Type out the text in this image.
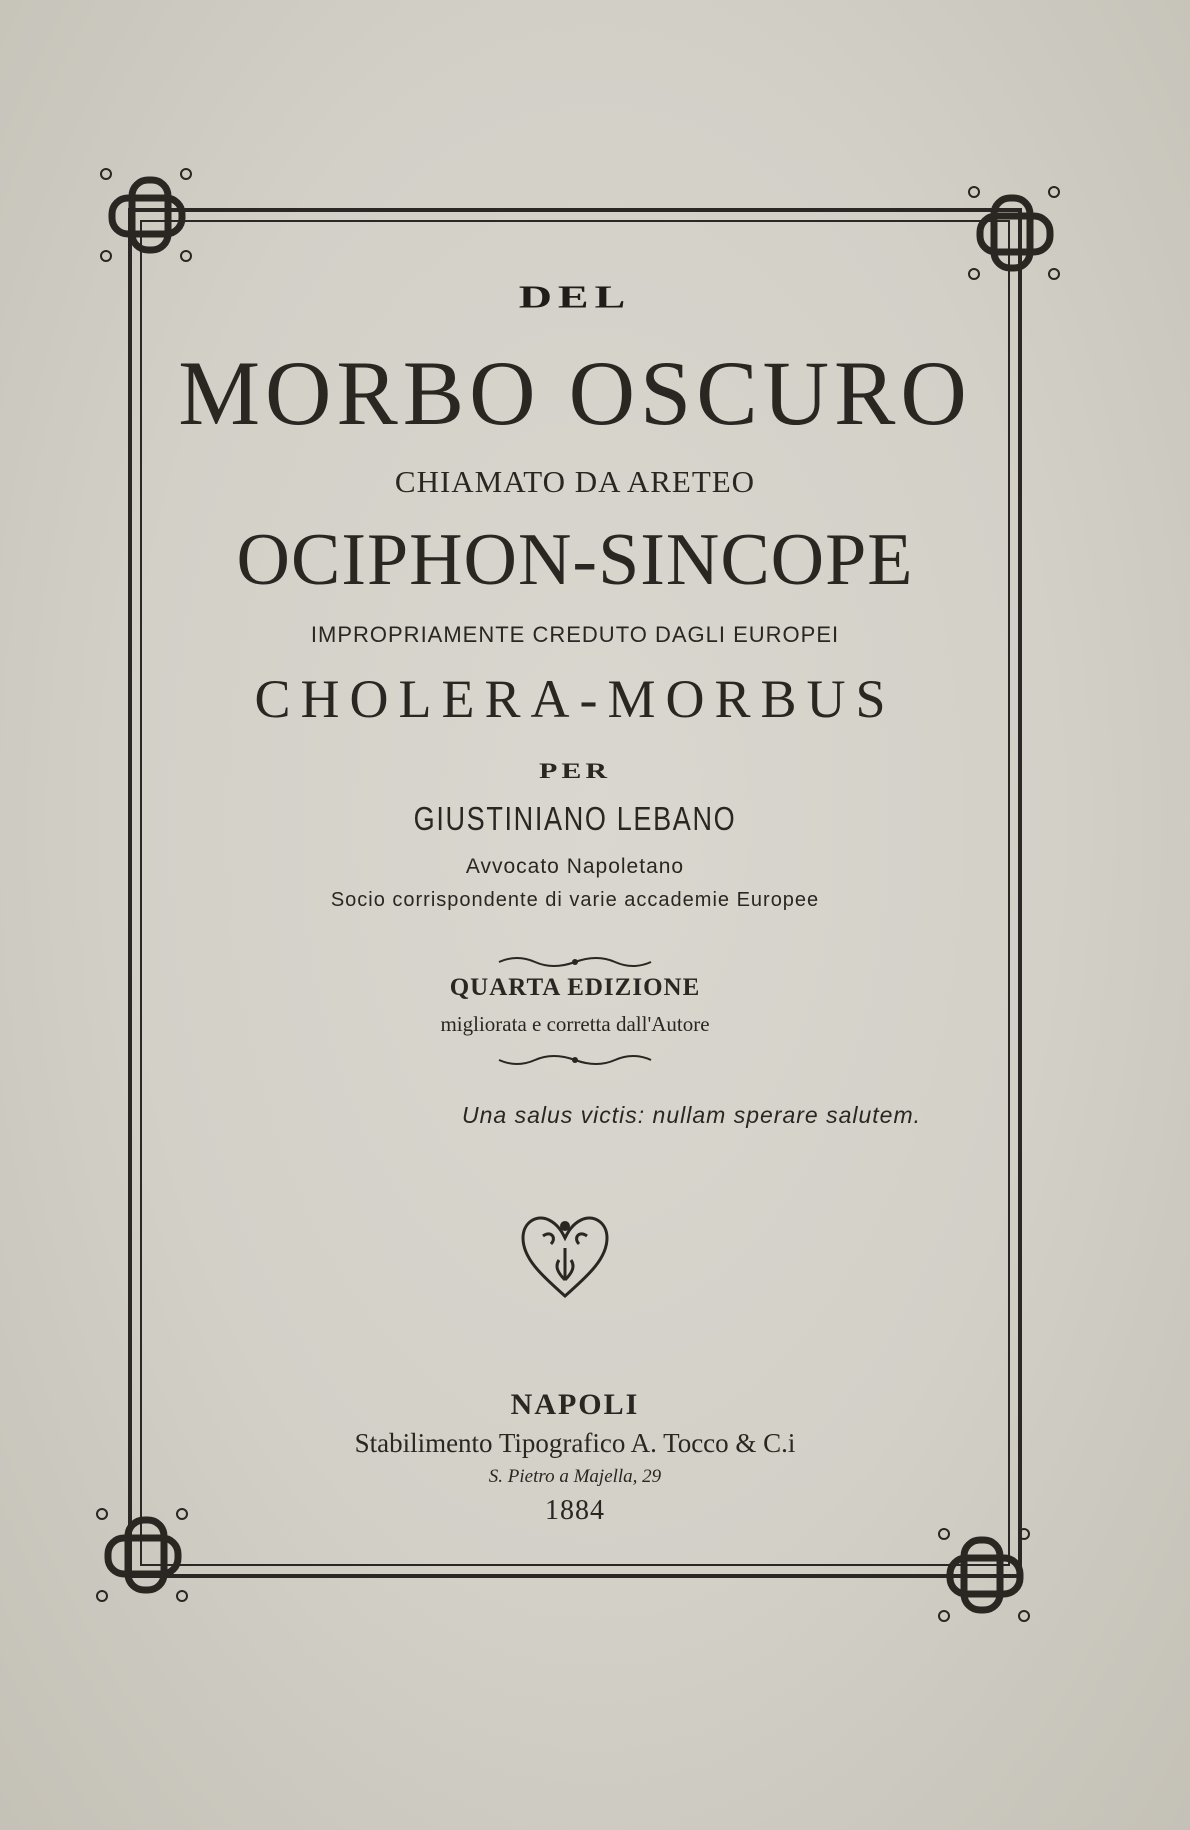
DEL
MORBO OSCURO
CHIAMATO DA ARETEO
OCIPHON-SINCOPE
IMPROPRIAMENTE CREDUTO DAGLI EUROPEI
CHOLERA-MORBUS
PER
GIUSTINIANO LEBANO
Avvocato Napoletano
Socio corrispondente di varie accademie Europee
QUARTA EDIZIONE
migliorata e corretta dall'Autore
Una salus victis: nullam sperare salutem.
NAPOLI
Stabilimento Tipografico A. Tocco & C.i
S. Pietro a Majella, 29
1884
